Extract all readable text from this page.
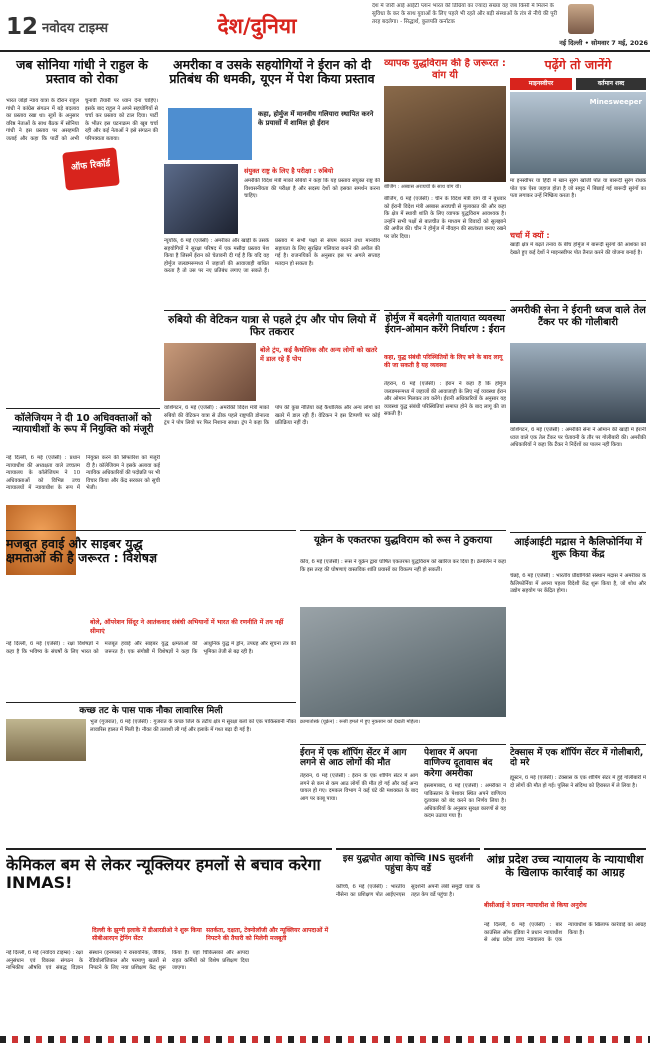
12 नवोदय टाइम्स	देश/दुनिया
देश में जारी आई आईटी प्लान भारत की डिग्रियों का ज्यादा संख्या वह जब किसी में मिलने के सुविधा के कर के साथ युवाओं के लिए पहले भी रहते और बड़ी संस्थाओं के तंत्र से नीचे की पूरी तरह बदलेगा। - सिद्धार्थ, कुलपति कर्नाटक
नई दिल्ली • सोमवार 7 मई, 2026
जब सोनिया गांधी ने राहुल के प्रस्ताव को रोका
ऑफ रिकॉर्ड
भारत जोड़ो न्याय यात्रा के दौरान राहुल गांधी ने कांग्रेस संगठन में बड़े बदलाव का प्रस्ताव रखा था। सूत्रों के अनुसार वरिष्ठ नेताओं के साथ बैठक में सोनिया गांधी ने इस प्रस्ताव पर असहमति जताई और कहा कि पार्टी को अभी चुनावी तैयारी पर ध्यान देना चाहिए। इसके बाद राहुल ने अपने सहयोगियों से चर्चा कर प्रस्ताव को टाल दिया। पार्टी के भीतर इस घटनाक्रम की खूब चर्चा रही और कई नेताओं ने इसे संगठन की परिपक्वता बताया।
अमरीका व उसके सहयोगियों ने ईरान को दी प्रतिबंध की धमकी, यूएन में पेश किया प्रस्ताव
कहा, होर्मुज में मानवीय गलियारा स्थापित करने के प्रयासों में शामिल हो ईरान
संयुक्त राष्ट्र के लिए है परीक्षा : रुबियो
अमरीकी विदेश मंत्री मार्को रुबियो ने कहा कि यह प्रस्ताव संयुक्त राष्ट्र की विश्वसनीयता की परीक्षा है और सदस्य देशों को इसका समर्थन करना चाहिए।
न्यूयॉर्क, 6 मई (एजेंसी) : अमरीका और खाड़ी के उसके सहयोगियों ने सुरक्षा परिषद में एक मसौदा प्रस्ताव पेश किया है जिसमें ईरान को चेतावनी दी गई है कि यदि वह होर्मुज जलडमरूमध्य में जहाजों की आवाजाही बाधित करता है तो उस पर नए प्रतिबंध लगाए जा सकते हैं। प्रस्ताव में सभी पक्षों से संयम बरतने तथा मानवीय सहायता के लिए सुरक्षित गलियारा बनाने की अपील की गई है। राजनयिकों के अनुसार इस पर अगले सप्ताह मतदान हो सकता है।
व्यापक युद्धविराम की है जरूरत : वांग यी
बीजिंग : अब्बास अराघची के साथ वांग यी।
बीजिंग, 6 मई (एजेंसी) : चीन के विदेश मंत्री वांग यी ने बुधवार को ईरानी विदेश मंत्री अब्बास अराघची से मुलाकात की और कहा कि क्षेत्र में स्थायी शांति के लिए व्यापक युद्धविराम आवश्यक है। उन्होंने सभी पक्षों से बातचीत के माध्यम से विवादों को सुलझाने की अपील की। चीन ने होर्मुज में नौवहन की स्वतंत्रता बनाए रखने पर जोर दिया।
पढ़ेंगे तो जानेंगे
माइनस्वीपर	वर्तमान शब्द
Minesweeper
मा इनस्वीपर या हिंदी में खान सुरंग खोजी पोत या बारूदी सुरंग रोधक पोत एक ऐसा जहाज होता है जो समुद्र में बिछाई गई बारूदी सुरंगों का पता लगाकर उन्हें निष्क्रिय करता है।
चर्चा में क्यों :
खाड़ी क्षेत्र में बढ़ते तनाव के बीच होर्मुज में बारूदी सुरंगों की आशंका को देखते हुए कई देशों ने माइनस्वीपर पोत तैनात करने की योजना बनाई है।
रुबियो की वेटिकन यात्रा से पहले ट्रंप और पोप लियो में फिर तकरार
बोले ट्रंप, कई कैथोलिक और अन्य लोगों को खतरे में डाल रहे हैं पोप
वाशिंगटन, 6 मई (एजेंसी) : अमरीकी विदेश मंत्री मार्को रुबियो की वेटिकन यात्रा से ठीक पहले राष्ट्रपति डोनाल्ड ट्रंप ने पोप लियो पर फिर निशाना साधा। ट्रंप ने कहा कि पोप की कुछ नीतियां कई कैथोलिक और अन्य लोगों को खतरे में डाल रही हैं। वेटिकन ने इस टिप्पणी पर कोई प्रतिक्रिया नहीं दी।
होर्मुज में बदलेगी यातायात व्यवस्था ईरान-ओमान करेंगे निर्धारण : ईरान
कहा, युद्ध संबंधी परिस्थितियों के लिए बने के बाद लागू की जा सकती है यह व्यवस्था
तेहरान, 6 मई (एजेंसी) : ईरान ने कहा है कि होर्मुज जलडमरूमध्य में जहाजों की आवाजाही के लिए नई व्यवस्था ईरान और ओमान मिलकर तय करेंगे। ईरानी अधिकारियों के अनुसार यह व्यवस्था युद्ध संबंधी परिस्थितियां समाप्त होने के बाद लागू की जा सकती है।
अमरीकी सेना ने ईरानी ध्वज वाले तेल टैंकर पर की गोलीबारी
वाशिंगटन, 6 मई (एजेंसी) : अमरीकी सेना ने ओमान की खाड़ी में ईरानी ध्वज वाले एक तेल टैंकर पर चेतावनी के तौर पर गोलीबारी की। अमरीकी अधिकारियों ने कहा कि टैंकर ने निर्देशों का पालन नहीं किया।
कॉलेजियम ने दी 10 अधिवक्ताओं को न्यायाधीशों के रूप में नियुक्ति को मंजूरी
नई दिल्ली, 6 मई (एजेंसी) : प्रधान न्यायाधीश की अध्यक्षता वाले उच्चतम न्यायालय के कॉलेजियम ने 10 अधिवक्ताओं को विभिन्न उच्च न्यायालयों में न्यायाधीश के रूप में नियुक्त करने की सिफारिश को मंजूरी दी है। कॉलेजियम ने इसके अलावा कई न्यायिक अधिकारियों की पदोन्नति पर भी विचार किया और केंद्र सरकार को सूची भेजी।
मजबूत हवाई और साइबर युद्ध क्षमताओं की है जरूरत : विशेषज्ञ
बोले, ऑपरेशन सिंदूर ने आतंकवाद संबंधी अभियानों में भारत की रणनीति में तय नहीं सीमाएं
नई दिल्ली, 6 मई (एजेंसी) : रक्षा विशेषज्ञों ने कहा है कि भविष्य के संघर्षों के लिए भारत को मजबूत हवाई और साइबर युद्ध क्षमताओं की जरूरत है। एक संगोष्ठी में विशेषज्ञों ने कहा कि आधुनिक युद्ध में ड्रोन, उपग्रह और सूचना तंत्र की भूमिका तेजी से बढ़ रही है।
यूक्रेन के एकतरफा युद्धविराम को रूस ने ठुकराया
कीव, 6 मई (एजेंसी) : रूस ने यूक्रेन द्वारा घोषित एकतरफा युद्धविराम को खारिज कर दिया है। क्रेमलिन ने कहा कि इस तरह की घोषणाएं वास्तविक शांति प्रयासों का विकल्प नहीं हो सकतीं।
क्रामातोर्स्क (यूक्रेन) : रूसी हमले में हुए नुकसान को देखती महिला।
आईआईटी मद्रास ने कैलिफोर्निया में शुरू किया केंद्र
चेन्नई, 6 मई (एजेंसी) : भारतीय प्रौद्योगिकी संस्थान मद्रास ने अमरीका के कैलिफोर्निया में अपना पहला विदेशी केंद्र शुरू किया है, जो शोध और उद्योग सहयोग पर केंद्रित होगा।
कच्छ तट के पास पाक नौका लावारिस मिली
भुज (गुजरात), 6 मई (एजेंसी) : गुजरात के कच्छ जिले के तटीय क्षेत्र में सुरक्षा बलों को एक पाकिस्तानी नौका लावारिस हालत में मिली है। नौका की तलाशी ली गई और इलाके में गश्त बढ़ा दी गई है।
ईरान में एक शॉपिंग सेंटर में आग लगने से आठ लोगों की मौत
तेहरान, 6 मई (एजेंसी) : ईरान के एक शॉपिंग सेंटर में आग लगने से कम से कम आठ लोगों की मौत हो गई और कई अन्य घायल हो गए। दमकल विभाग ने कई घंटे की मशक्कत के बाद आग पर काबू पाया।
पेशावर में अपना वाणिज्य दूतावास बंद करेगा अमरीका
इस्लामाबाद, 6 मई (एजेंसी) : अमरीका ने पाकिस्तान के पेशावर स्थित अपने वाणिज्य दूतावास को बंद करने का निर्णय लिया है। अधिकारियों के अनुसार सुरक्षा कारणों से यह कदम उठाया गया है।
टेक्सास में एक शॉपिंग सेंटर में गोलीबारी, दो मरे
ह्यूस्टन, 6 मई (एजेंसी) : टेक्सास के एक शॉपिंग सेंटर में हुई गोलीबारी में दो लोगों की मौत हो गई। पुलिस ने संदिग्ध को हिरासत में ले लिया है।
केमिकल बम से लेकर न्यूक्लियर हमलों से बचाव करेगा INMAS!
दिल्ली के झुग्गी इलाके में डीआरडीओ ने शुरू किया सीबीआरएन ट्रेनिंग सेंटर
सतर्कता, दक्षता, टेक्नोलॉजी और न्यूक्लियर आपदाओं में निपटने की तैयारी को मिलेगी मजबूती
नई दिल्ली, 6 मई (नवोदय टाइम्स) : रक्षा अनुसंधान एवं विकास संगठन के नाभिकीय औषधि एवं संबद्ध विज्ञान संस्थान (इनमास) ने रासायनिक, जैविक, रेडियोलॉजिकल और परमाणु खतरों से निपटने के लिए नया प्रशिक्षण केंद्र शुरू किया है। यहां चिकित्सकों और आपदा राहत कर्मियों को विशेष प्रशिक्षण दिया जाएगा।
इस युद्धपोत आया कोच्चि INS सुदर्शनी पहुंचा केप वर्डे
कोच्चि, 6 मई (एजेंसी) : भारतीय नौसेना का प्रशिक्षण पोत आईएनएस सुदर्शनी अपनी लंबी समुद्री यात्रा के तहत केप वर्डे पहुंचा है।
आंध्र प्रदेश उच्च न्यायालय के न्यायाधीश के खिलाफ कार्रवाई का आग्रह
बीसीआई ने प्रधान न्यायाधीश से किया अनुरोध
नई दिल्ली, 6 मई (एजेंसी) : बार काउंसिल ऑफ इंडिया ने प्रधान न्यायाधीश से आंध्र प्रदेश उच्च न्यायालय के एक न्यायाधीश के खिलाफ कार्रवाई का आग्रह किया है।
